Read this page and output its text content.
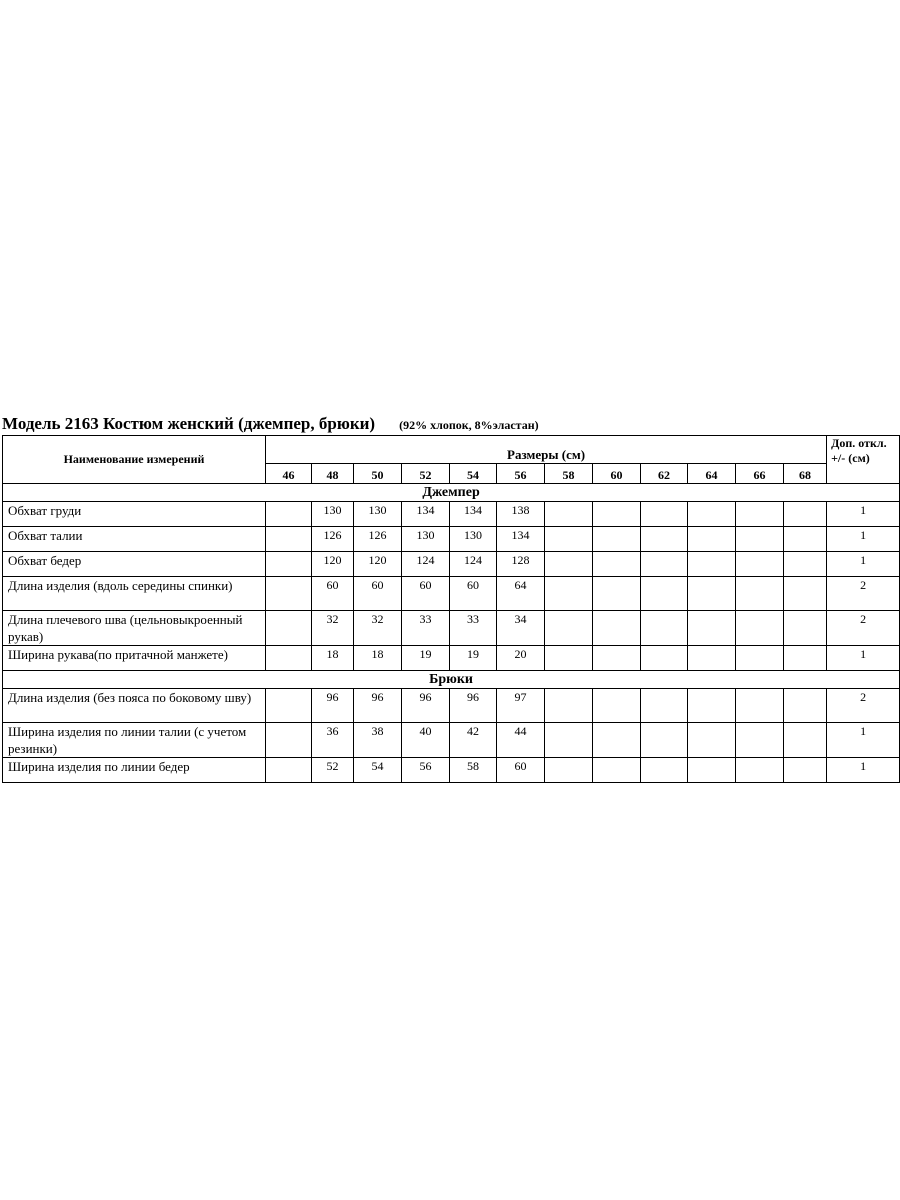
Модель 2163 Костюм женский (джемпер, брюки) (92% хлопок, 8%эластан)
Наименование измерений	Размеры (см)												Доп. откл. +/- (см)
	46	48	50	52	54	56	58	60	62	64	66	68	
Джемпер													
Обхват груди		130	130	134	134	138							1
Обхват талии		126	126	130	130	134							1
Обхват бедер		120	120	124	124	128							1
Длина изделия (вдоль середины спинки)		60	60	60	60	64							2
Длина плечевого шва (цельновыкроенный рукав)		32	32	33	33	34							2
Ширина рукава(по притачной манжете)		18	18	19	19	20							1
Брюки													
Длина изделия (без пояса по боковому шву)		96	96	96	96	97							2
Ширина изделия по линии талии (с учетом резинки)		36	38	40	42	44							1
Ширина изделия по линии бедер		52	54	56	58	60							1
